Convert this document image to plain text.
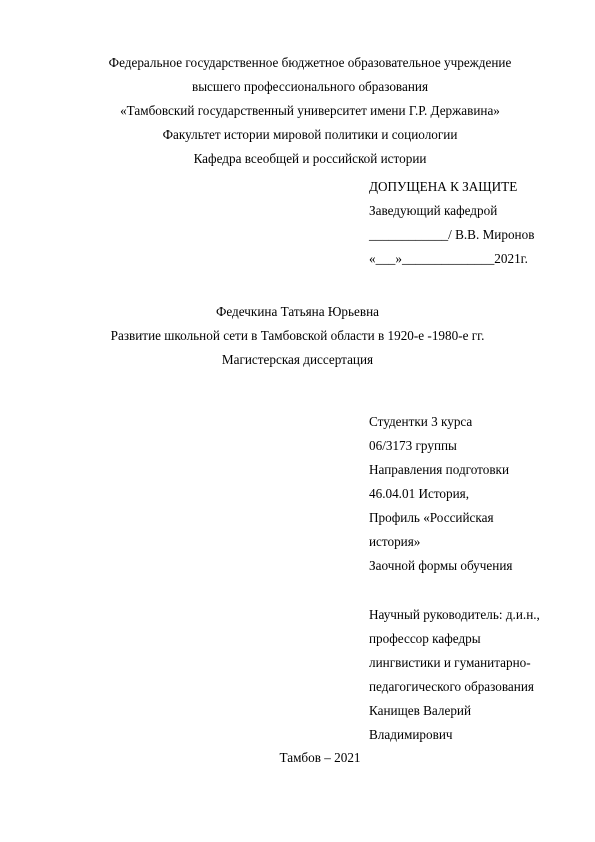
Федеральное государственное бюджетное образовательное учреждение
высшего профессионального образования
«Тамбовский государственный университет имени Г.Р. Державина»
Факультет истории мировой политики и социологии
Кафедра всеобщей и российской истории
ДОПУЩЕНА К ЗАЩИТЕ
Заведующий кафедрой
____________/ В.В. Миронов
«___»______________2021г.
Федечкина Татьяна Юрьевна
Развитие школьной сети в Тамбовской области в 1920-е -1980-е гг.
Магистерская диссертация
Студентки 3 курса
06/3173 группы
Направления подготовки
46.04.01 История,
Профиль «Российская
история»
Заочной формы обучения
Научный руководитель: д.и.н.,
профессор кафедры
лингвистики и гуманитарно-
педагогического образования
Канищев Валерий
Владимирович
Тамбов – 2021
